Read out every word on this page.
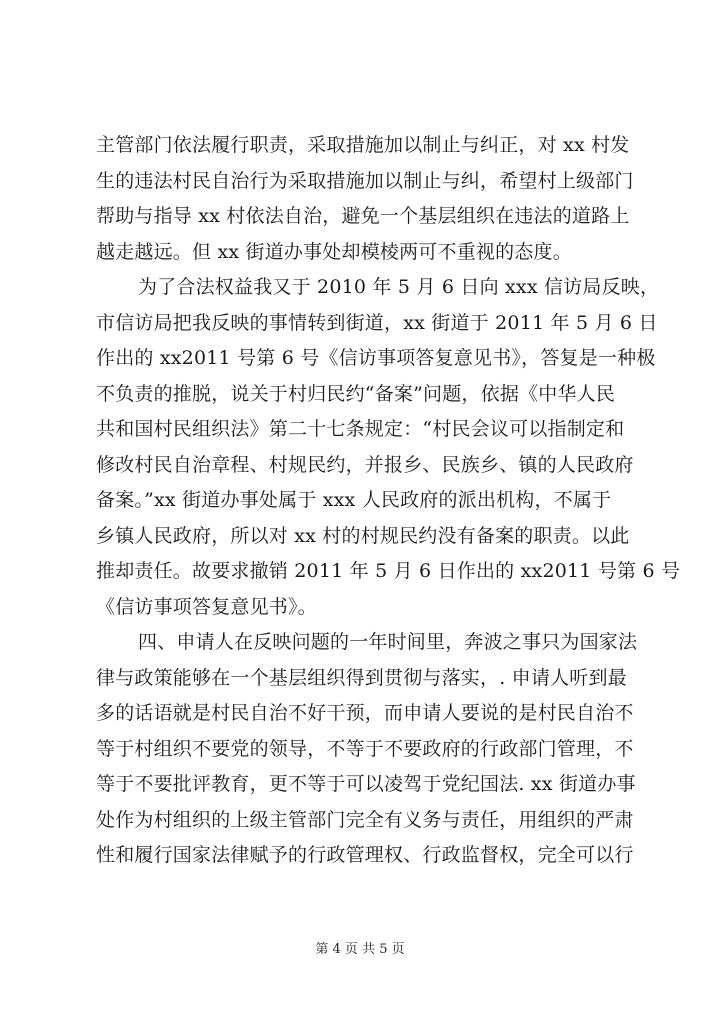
主管部门依法履行职责，采取措施加以制止与纠正，对 xx 村发
生的违法村民自治行为采取措施加以制止与纠，希望村上级部门
帮助与指导 xx 村依法自治，避免一个基层组织在违法的道路上
越走越远。但 xx 街道办事处却模棱两可不重视的态度。
为了合法权益我又于 2010 年 5 月 6 日向 xxx 信访局反映，
市信访局把我反映的事情转到街道，xx 街道于 2011 年 5 月 6 日
作出的 xx2011 号第 6 号《信访事项答复意见书》，答复是一种极
不负责的推脱，说关于村归民约“备案”问题，依据《中华人民
共和国村民组织法》第二十七条规定：“村民会议可以指制定和
修改村民自治章程、村规民约，并报乡、民族乡、镇的人民政府
备案。”xx 街道办事处属于 xxx 人民政府的派出机构，不属于
乡镇人民政府，所以对 xx 村的村规民约没有备案的职责。以此
推却责任。故要求撤销 2011 年 5 月 6 日作出的 xx2011 号第 6 号
《信访事项答复意见书》。
四、申请人在反映问题的一年时间里，奔波之事只为国家法
律与政策能够在一个基层组织得到贯彻与落实，. 申请人听到最
多的话语就是村民自治不好干预，而申请人要说的是村民自治不
等于村组织不要党的领导，不等于不要政府的行政部门管理，不
等于不要批评教育，更不等于可以凌驾于党纪国法. xx 街道办事
处作为村组织的上级主管部门完全有义务与责任，用组织的严肃
性和履行国家法律赋予的行政管理权、行政监督权，完全可以行
第 4 页 共 5 页
